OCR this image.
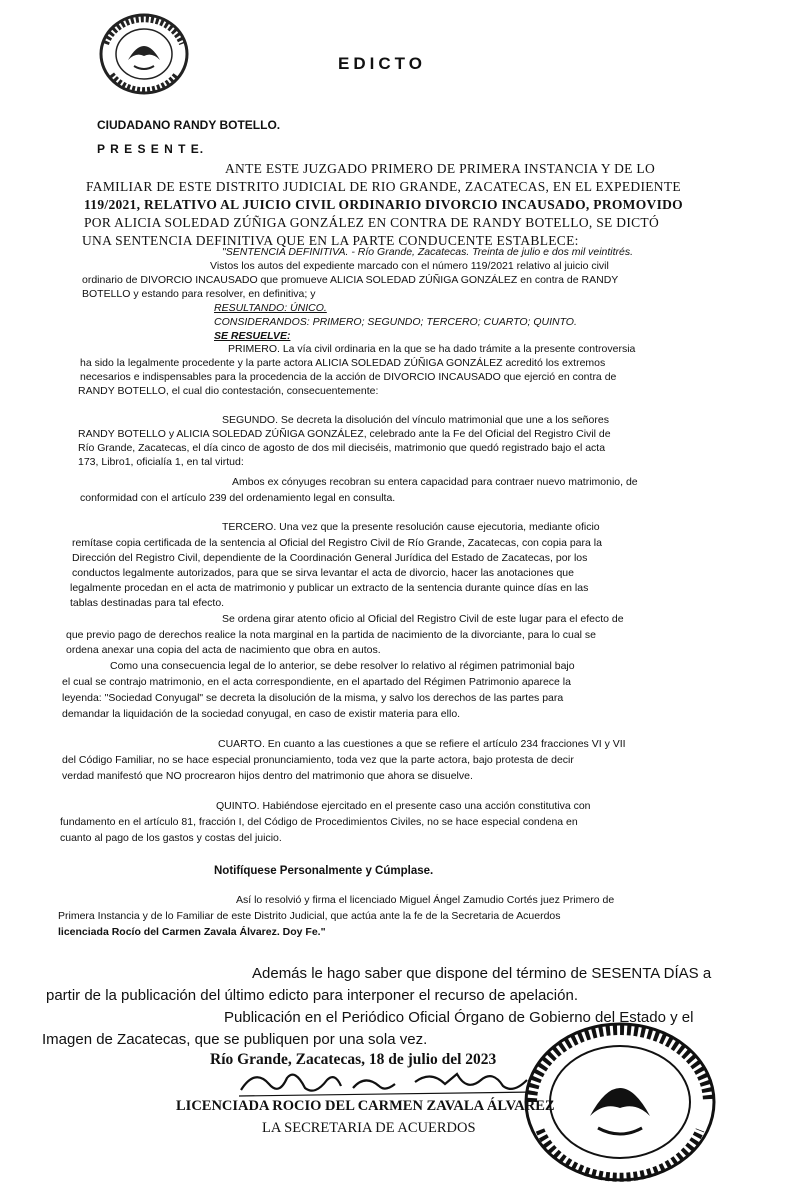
EDICTO
CIUDADANO RANDY BOTELLO.
P R E S E N T E.
ANTE ESTE JUZGADO PRIMERO DE PRIMERA INSTANCIA Y DE LO
FAMILIAR DE ESTE DISTRITO JUDICIAL DE RIO GRANDE, ZACATECAS, EN EL EXPEDIENTE
119/2021, RELATIVO AL JUICIO CIVIL ORDINARIO DIVORCIO INCAUSADO, PROMOVIDO
POR ALICIA SOLEDAD ZÚÑIGA GONZÁLEZ EN CONTRA DE RANDY BOTELLO, SE DICTÓ
UNA SENTENCIA DEFINITIVA QUE EN LA PARTE CONDUCENTE ESTABLECE:
"SENTENCIA DEFINITIVA. - Río Grande, Zacatecas. Treinta de julio e dos mil veintitrés.
Vistos los autos del expediente marcado con el número 119/2021 relativo al juicio civil
ordinario de DIVORCIO INCAUSADO que promueve ALICIA SOLEDAD ZÚÑIGA GONZÁLEZ en contra de RANDY
BOTELLO y estando para resolver, en definitiva; y
RESULTANDO: ÚNICO.
CONSIDERANDOS: PRIMERO; SEGUNDO; TERCERO; CUARTO; QUINTO.
SE RESUELVE:
PRIMERO. La vía civil ordinaria en la que se ha dado trámite a la presente controversia
ha sido la legalmente procedente y la parte actora ALICIA SOLEDAD ZÚÑIGA GONZÁLEZ acreditó los extremos
necesarios e indispensables para la procedencia de la acción de DIVORCIO INCAUSADO que ejerció en contra de
RANDY BOTELLO, el cual dio contestación, consecuentemente:
SEGUNDO. Se decreta la disolución del vínculo matrimonial que une a los señores
RANDY BOTELLO y ALICIA SOLEDAD ZÚÑIGA GONZÁLEZ, celebrado ante la Fe del Oficial del Registro Civil de
Río Grande, Zacatecas, el día cinco de agosto de dos mil dieciséis, matrimonio que quedó registrado bajo el acta
173, Libro1, oficialía 1, en tal virtud:
Ambos ex cónyuges recobran su entera capacidad para contraer nuevo matrimonio, de
conformidad con el artículo 239 del ordenamiento legal en consulta.
TERCERO. Una vez que la presente resolución cause ejecutoria, mediante oficio
remítase copia certificada de la sentencia al Oficial del Registro Civil de Río Grande, Zacatecas, con copia para la
Dirección del Registro Civil, dependiente de la Coordinación General Jurídica del Estado de Zacatecas, por los
conductos legalmente autorizados, para que se sirva levantar el acta de divorcio, hacer las anotaciones que
legalmente procedan en el acta de matrimonio y publicar un extracto de la sentencia durante quince días en las
tablas destinadas para tal efecto.
Se ordena girar atento oficio al Oficial del Registro Civil de este lugar para el efecto de
que previo pago de derechos realice la nota marginal en la partida de nacimiento de la divorciante, para lo cual se
ordena anexar una copia del acta de nacimiento que obra en autos.
Como una consecuencia legal de lo anterior, se debe resolver lo relativo al régimen patrimonial bajo
el cual se contrajo matrimonio, en el acta correspondiente, en el apartado del Régimen Patrimonio aparece la
leyenda: "Sociedad Conyugal" se decreta la disolución de la misma, y salvo los derechos de las partes para
demandar la liquidación de la sociedad conyugal, en caso de existir materia para ello.
CUARTO. En cuanto a las cuestiones a que se refiere el artículo 234 fracciones VI y VII
del Código Familiar, no se hace especial pronunciamiento, toda vez que la parte actora, bajo protesta de decir
verdad manifestó que NO procrearon hijos dentro del matrimonio que ahora se disuelve.
QUINTO. Habiéndose ejercitado en el presente caso una acción constitutiva con
fundamento en el artículo 81, fracción I, del Código de Procedimientos Civiles, no se hace especial condena en
cuanto al pago de los gastos y costas del juicio.
Notifíquese Personalmente y Cúmplase.
Así lo resolvió y firma el licenciado Miguel Ángel Zamudio Cortés juez Primero de
Primera Instancia y de lo Familiar de este Distrito Judicial, que actúa ante la fe de la Secretaria de Acuerdos
licenciada Rocío del Carmen Zavala Álvarez. Doy Fe."
Además le hago saber que dispone del término de SESENTA DÍAS a
partir de la publicación del último edicto para interponer el recurso de apelación.
Publicación en el Periódico Oficial Órgano de Gobierno del Estado y el
Imagen de Zacatecas, que se publiquen por una sola vez.
Río Grande, Zacatecas, 18 de julio del 2023
LICENCIADA ROCIO DEL CARMEN ZAVALA ÁLVAREZ
LA SECRETARIA DE ACUERDOS
